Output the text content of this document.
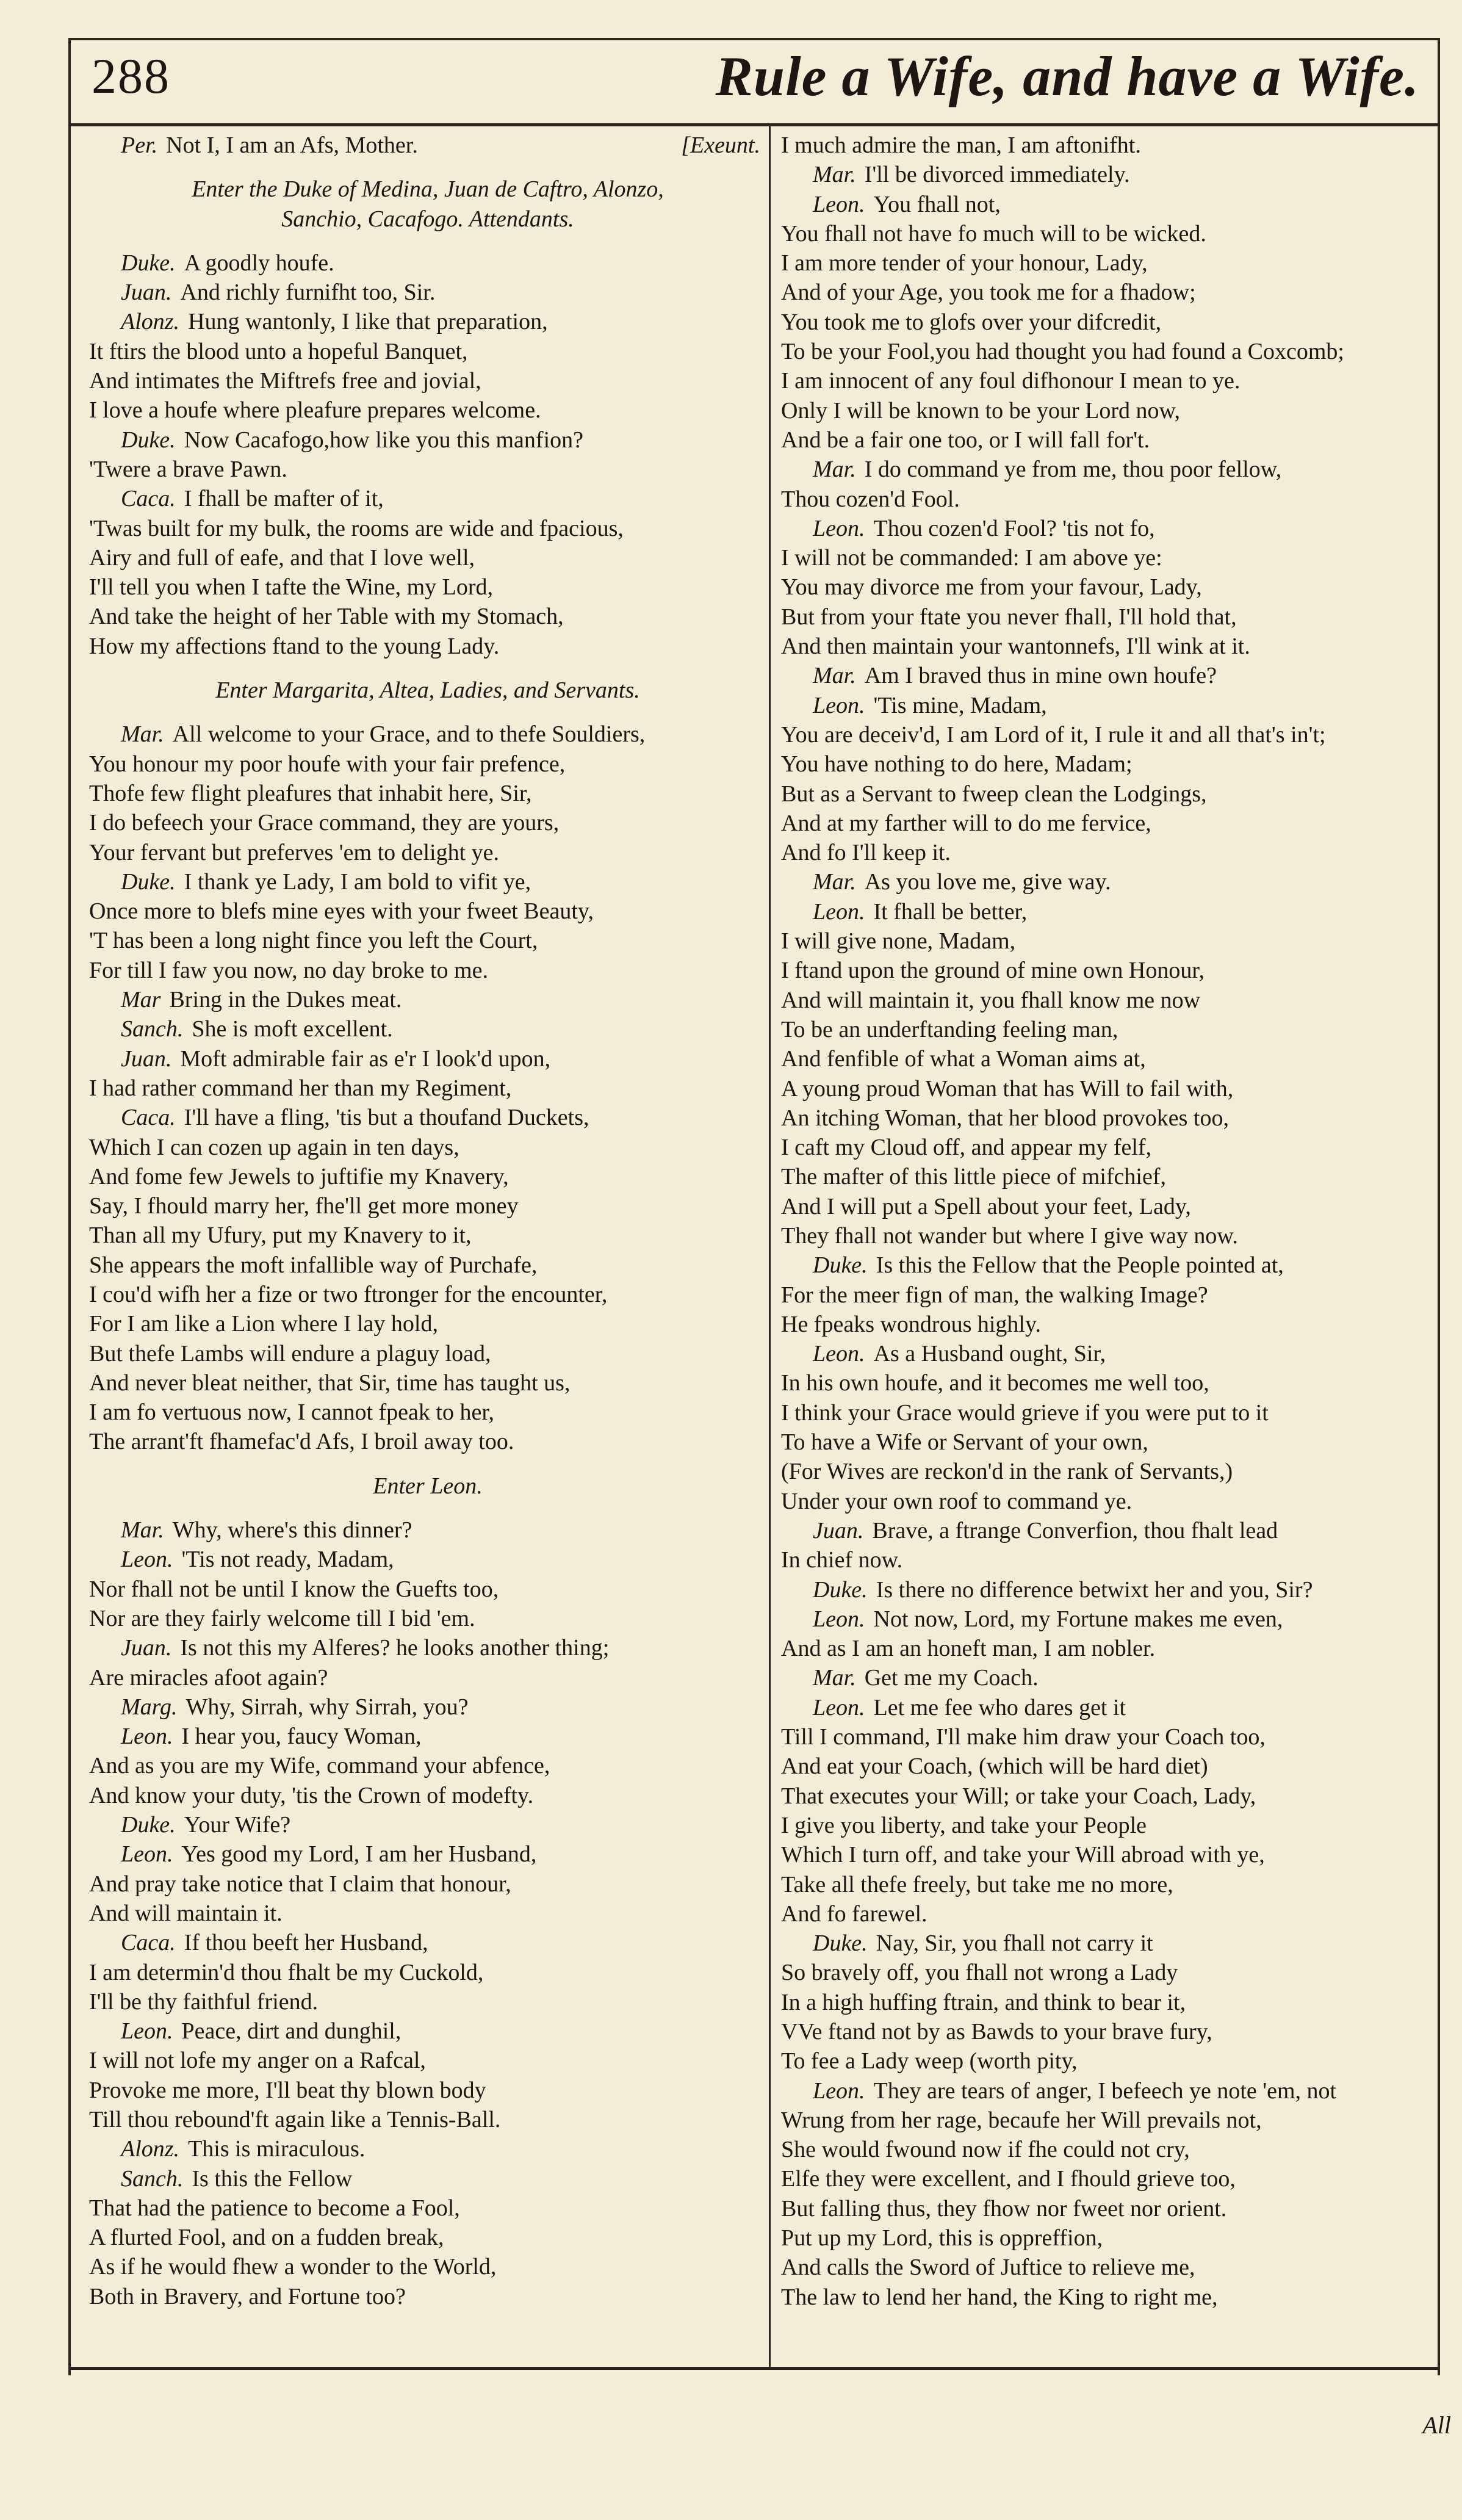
288	Rule a Wife, and have a Wife.
Per. Not I, I am an Afs, Mother.	[Exeunt.
Enter the Duke of Medina, Juan de Caftro, Alonzo,
Sanchio, Cacafogo. Attendants.
Duke. A goodly houfe.
Juan. And richly furnifht too, Sir.
Alonz. Hung wantonly, I like that preparation,
It ftirs the blood unto a hopeful Banquet,
And intimates the Miftrefs free and jovial,
I love a houfe where pleafure prepares welcome.
Duke. Now Cacafogo,how like you this manfion?
'Twere a brave Pawn.
Caca. I fhall be mafter of it,
'Twas built for my bulk, the rooms are wide and fpacious,
Airy and full of eafe, and that I love well,
I'll tell you when I tafte the Wine, my Lord,
And take the height of her Table with my Stomach,
How my affections ftand to the young Lady.
Enter Margarita, Altea, Ladies, and Servants.
Mar. All welcome to your Grace, and to thefe Souldiers,
You honour my poor houfe with your fair prefence,
Thofe few flight pleafures that inhabit here, Sir,
I do befeech your Grace command, they are yours,
Your fervant but preferves 'em to delight ye.
Duke. I thank ye Lady, I am bold to vifit ye,
Once more to blefs mine eyes with your fweet Beauty,
'T has been a long night fince you left the Court,
For till I faw you now, no day broke to me.
Mar Bring in the Dukes meat.
Sanch. She is moft excellent.
Juan. Moft admirable fair as e'r I look'd upon,
I had rather command her than my Regiment,
Caca. I'll have a fling, 'tis but a thoufand Duckets,
Which I can cozen up again in ten days,
And fome few Jewels to juftifie my Knavery,
Say, I fhould marry her, fhe'll get more money
Than all my Ufury, put my Knavery to it,
She appears the moft infallible way of Purchafe,
I cou'd wifh her a fize or two ftronger for the encounter,
For I am like a Lion where I lay hold,
But thefe Lambs will endure a plaguy load,
And never bleat neither, that Sir, time has taught us,
I am fo vertuous now, I cannot fpeak to her,
The arrant'ft fhamefac'd Afs, I broil away too.
Enter Leon.
Mar. Why, where's this dinner?
Leon. 'Tis not ready, Madam,
Nor fhall not be until I know the Guefts too,
Nor are they fairly welcome till I bid 'em.
Juan. Is not this my Alferes? he looks another thing;
Are miracles afoot again?
Marg. Why, Sirrah, why Sirrah, you?
Leon. I hear you, faucy Woman,
And as you are my Wife, command your abfence,
And know your duty, 'tis the Crown of modefty.
Duke. Your Wife?
Leon. Yes good my Lord, I am her Husband,
And pray take notice that I claim that honour,
And will maintain it.
Caca. If thou beeft her Husband,
I am determin'd thou fhalt be my Cuckold,
I'll be thy faithful friend.
Leon. Peace, dirt and dunghil,
I will not lofe my anger on a Rafcal,
Provoke me more, I'll beat thy blown body
Till thou rebound'ft again like a Tennis-Ball.
Alonz. This is miraculous.
Sanch. Is this the Fellow
That had the patience to become a Fool,
A flurted Fool, and on a fudden break,
As if he would fhew a wonder to the World,
Both in Bravery, and Fortune too?
I much admire the man, I am aftonifht.
Mar. I'll be divorced immediately.
Leon. You fhall not,
You fhall not have fo much will to be wicked.
I am more tender of your honour, Lady,
And of your Age, you took me for a fhadow;
You took me to glofs over your difcredit,
To be your Fool,you had thought you had found a Coxcomb;
I am innocent of any foul difhonour I mean to ye.
Only I will be known to be your Lord now,
And be a fair one too, or I will fall for't.
Mar. I do command ye from me, thou poor fellow,
Thou cozen'd Fool.
Leon. Thou cozen'd Fool? 'tis not fo,
I will not be commanded: I am above ye:
You may divorce me from your favour, Lady,
But from your ftate you never fhall, I'll hold that,
And then maintain your wantonnefs, I'll wink at it.
Mar. Am I braved thus in mine own houfe?
Leon. 'Tis mine, Madam,
You are deceiv'd, I am Lord of it, I rule it and all that's in't;
You have nothing to do here, Madam;
But as a Servant to fweep clean the Lodgings,
And at my farther will to do me fervice,
And fo I'll keep it.
Mar. As you love me, give way.
Leon. It fhall be better,
I will give none, Madam,
I ftand upon the ground of mine own Honour,
And will maintain it, you fhall know me now
To be an underftanding feeling man,
And fenfible of what a Woman aims at,
A young proud Woman that has Will to fail with,
An itching Woman, that her blood provokes too,
I caft my Cloud off, and appear my felf,
The mafter of this little piece of mifchief,
And I will put a Spell about your feet, Lady,
They fhall not wander but where I give way now.
Duke. Is this the Fellow that the People pointed at,
For the meer fign of man, the walking Image?
He fpeaks wondrous highly.
Leon. As a Husband ought, Sir,
In his own houfe, and it becomes me well too,
I think your Grace would grieve if you were put to it
To have a Wife or Servant of your own,
(For Wives are reckon'd in the rank of Servants,)
Under your own roof to command ye.
Juan. Brave, a ftrange Converfion, thou fhalt lead
In chief now.
Duke. Is there no difference betwixt her and you, Sir?
Leon. Not now, Lord, my Fortune makes me even,
And as I am an honeft man, I am nobler.
Mar. Get me my Coach.
Leon. Let me fee who dares get it
Till I command, I'll make him draw your Coach too,
And eat your Coach, (which will be hard diet)
That executes your Will; or take your Coach, Lady,
I give you liberty, and take your People
Which I turn off, and take your Will abroad with ye,
Take all thefe freely, but take me no more,
And fo farewel.
Duke. Nay, Sir, you fhall not carry it
So bravely off, you fhall not wrong a Lady
In a high huffing ftrain, and think to bear it,
VVe ftand not by as Bawds to your brave fury,
To fee a Lady weep (worth pity,
Leon. They are tears of anger, I befeech ye note 'em, not
Wrung from her rage, becaufe her Will prevails not,
She would fwound now if fhe could not cry,
Elfe they were excellent, and I fhould grieve too,
But falling thus, they fhow nor fweet nor orient.
Put up my Lord, this is oppreffion,
And calls the Sword of Juftice to relieve me,
The law to lend her hand, the King to right me,
All
